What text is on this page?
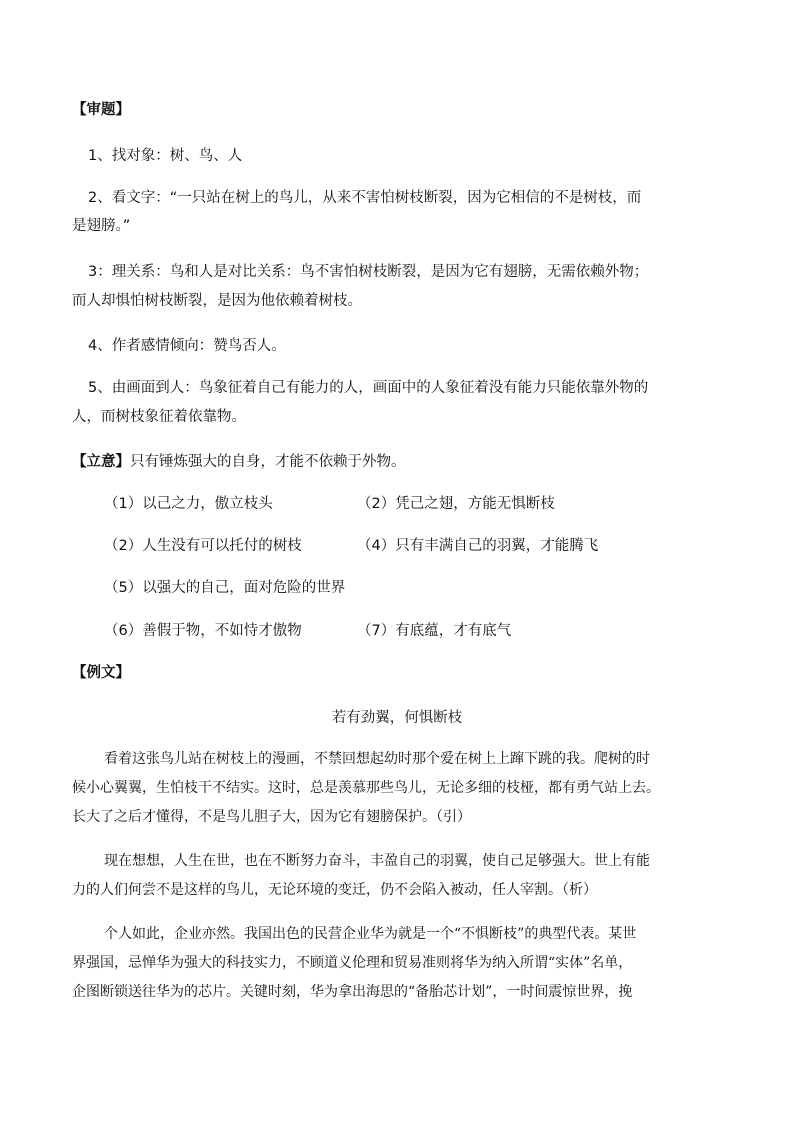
【审题】
1、找对象：树、鸟、人
2、看文字：“一只站在树上的鸟儿，从来不害怕树枝断裂，因为它相信的不是树枝，而
是翅膀。”
3：理关系：鸟和人是对比关系：鸟不害怕树枝断裂，是因为它有翅膀，无需依赖外物；
而人却惧怕树枝断裂，是因为他依赖着树枝。
4、作者感情倾向：赞鸟否人。
5、由画面到人：鸟象征着自己有能力的人，画面中的人象征着没有能力只能依靠外物的
人，而树枝象征着依靠物。
【立意】只有锤炼强大的自身，才能不依赖于外物。
（1）以己之力，傲立枝头	（2）凭己之翅，方能无惧断枝
（2）人生没有可以托付的树枝	（4）只有丰满自己的羽翼，才能腾飞
（5）以强大的自己，面对危险的世界
（6）善假于物，不如恃才傲物	（7）有底蕴，才有底气
【例文】
若有劲翼，何惧断枝
看着这张鸟儿站在树枝上的漫画，不禁回想起幼时那个爱在树上上蹿下跳的我。爬树的时
候小心翼翼，生怕枝干不结实。这时，总是羡慕那些鸟儿，无论多细的枝桠，都有勇气站上去。
长大了之后才懂得，不是鸟儿胆子大，因为它有翅膀保护。（引）
现在想想，人生在世，也在不断努力奋斗，丰盈自己的羽翼，使自己足够强大。世上有能
力的人们何尝不是这样的鸟儿，无论环境的变迁，仍不会陷入被动，任人宰割。（析）
个人如此，企业亦然。我国出色的民营企业华为就是一个“不惧断枝”的典型代表。某世
界强国，忌惮华为强大的科技实力，不顾道义伦理和贸易准则将华为纳入所谓“实体”名单，
企图断锁送往华为的芯片。关键时刻，华为拿出海思的“备胎芯计划”，一时间震惊世界，挽
